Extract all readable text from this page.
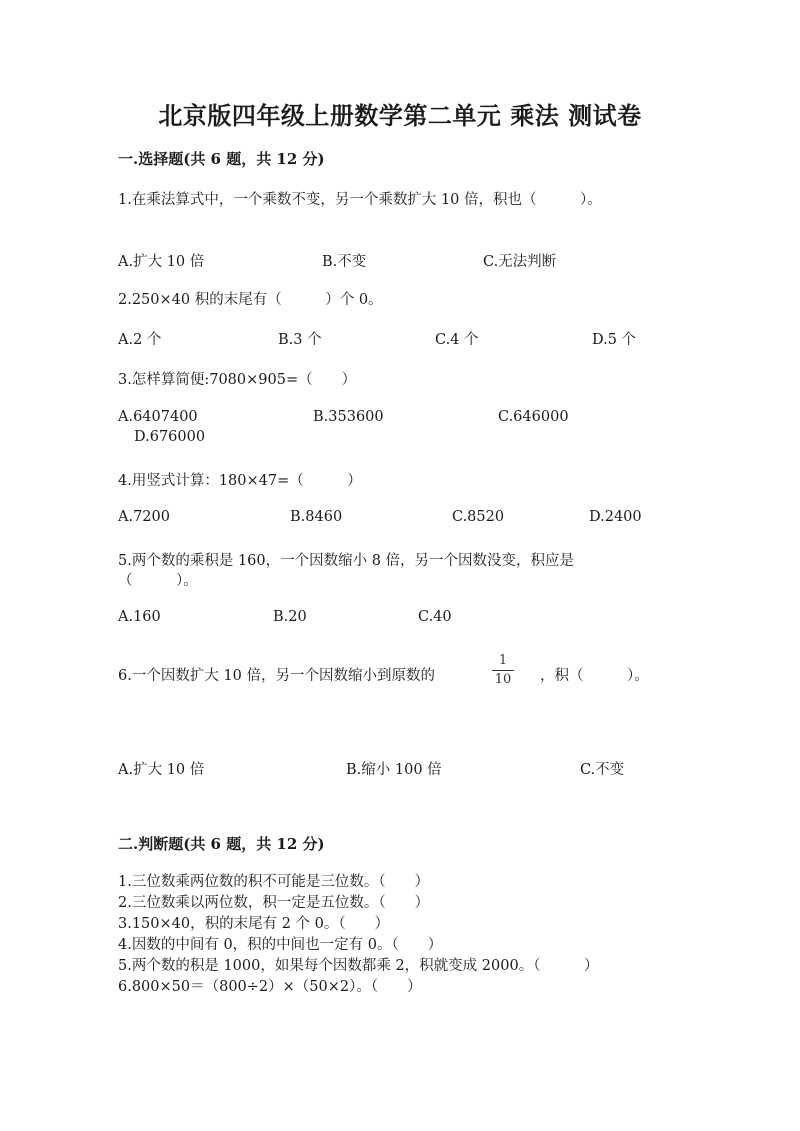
北京版四年级上册数学第二单元 乘法 测试卷
一.选择题(共 6 题，共 12 分)
1.在乘法算式中，一个乘数不变，另一个乘数扩大 10 倍，积也（　　　）。
A.扩大 10 倍	B.不变	C.无法判断
2.250×40 积的末尾有（　　　）个 0。
A.2 个	B.3 个	C.4 个	D.5 个
3.怎样算简便:7080×905=（　　）
A.6407400	B.353600	C.646000
D.676000
4.用竖式计算：180×47=（　　　）
A.7200	B.8460	C.8520	D.2400
5.两个数的乘积是 160，一个因数缩小 8 倍，另一个因数没变，积应是
（　　　）。
A.160	B.20	C.40
6.一个因数扩大 10 倍，另一个因数缩小到原数的
1
10 ，积（　　　）。
A.扩大 10 倍	B.缩小 100 倍	C.不变
二.判断题(共 6 题，共 12 分)
1.三位数乘两位数的积不可能是三位数。（　　）
2.三位数乘以两位数，积一定是五位数。（　　）
3.150×40，积的末尾有 2 个 0。（　　）
4.因数的中间有 0，积的中间也一定有 0。（　　）
5.两个数的积是 1000，如果每个因数都乘 2，积就变成 2000。（　　　）
6.800×50＝（800÷2）×（50×2）。（　　）
